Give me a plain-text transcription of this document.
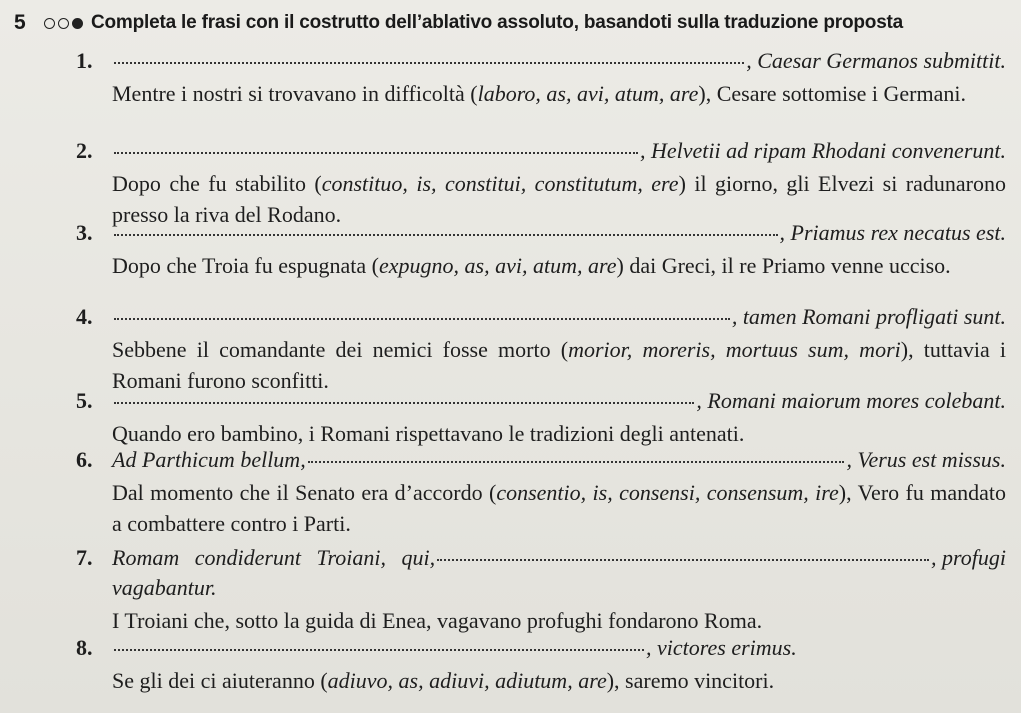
5	Completa le frasi con il costrutto dell’ablativo assoluto, basandoti sulla traduzione proposta
1.	, Caesar Germanos submittit.
Mentre i nostri si trovavano in difficoltà (laboro, as, avi, atum, are), Cesare sottomise i Germani.
2.	, Helvetii ad ripam Rhodani convenerunt.
Dopo che fu stabilito (constituo, is, constitui, constitutum, ere) il giorno, gli Elvezi si radunarono presso la riva del Rodano.
3.	, Priamus rex necatus est.
Dopo che Troia fu espugnata (expugno, as, avi, atum, are) dai Greci, il re Priamo venne ucciso.
4.	, tamen Romani profligati sunt.
Sebbene il comandante dei nemici fosse morto (morior, moreris, mortuus sum, mori), tuttavia i Romani furono sconfitti.
5.	, Romani maiorum mores colebant.
Quando ero bambino, i Romani rispettavano le tradizioni degli antenati.
6. Ad Parthicum bellum,	, Verus est missus.
Dal momento che il Senato era d’accordo (consentio, is, consensi, consensum, ire), Vero fu mandato a combattere contro i Parti.
7. Romam condiderunt Troiani, qui,	, profugi
vagabantur.
I Troiani che, sotto la guida di Enea, vagavano profughi fondarono Roma.
8.	, victores erimus.
Se gli dei ci aiuteranno (adiuvo, as, adiuvi, adiutum, are), saremo vincitori.
